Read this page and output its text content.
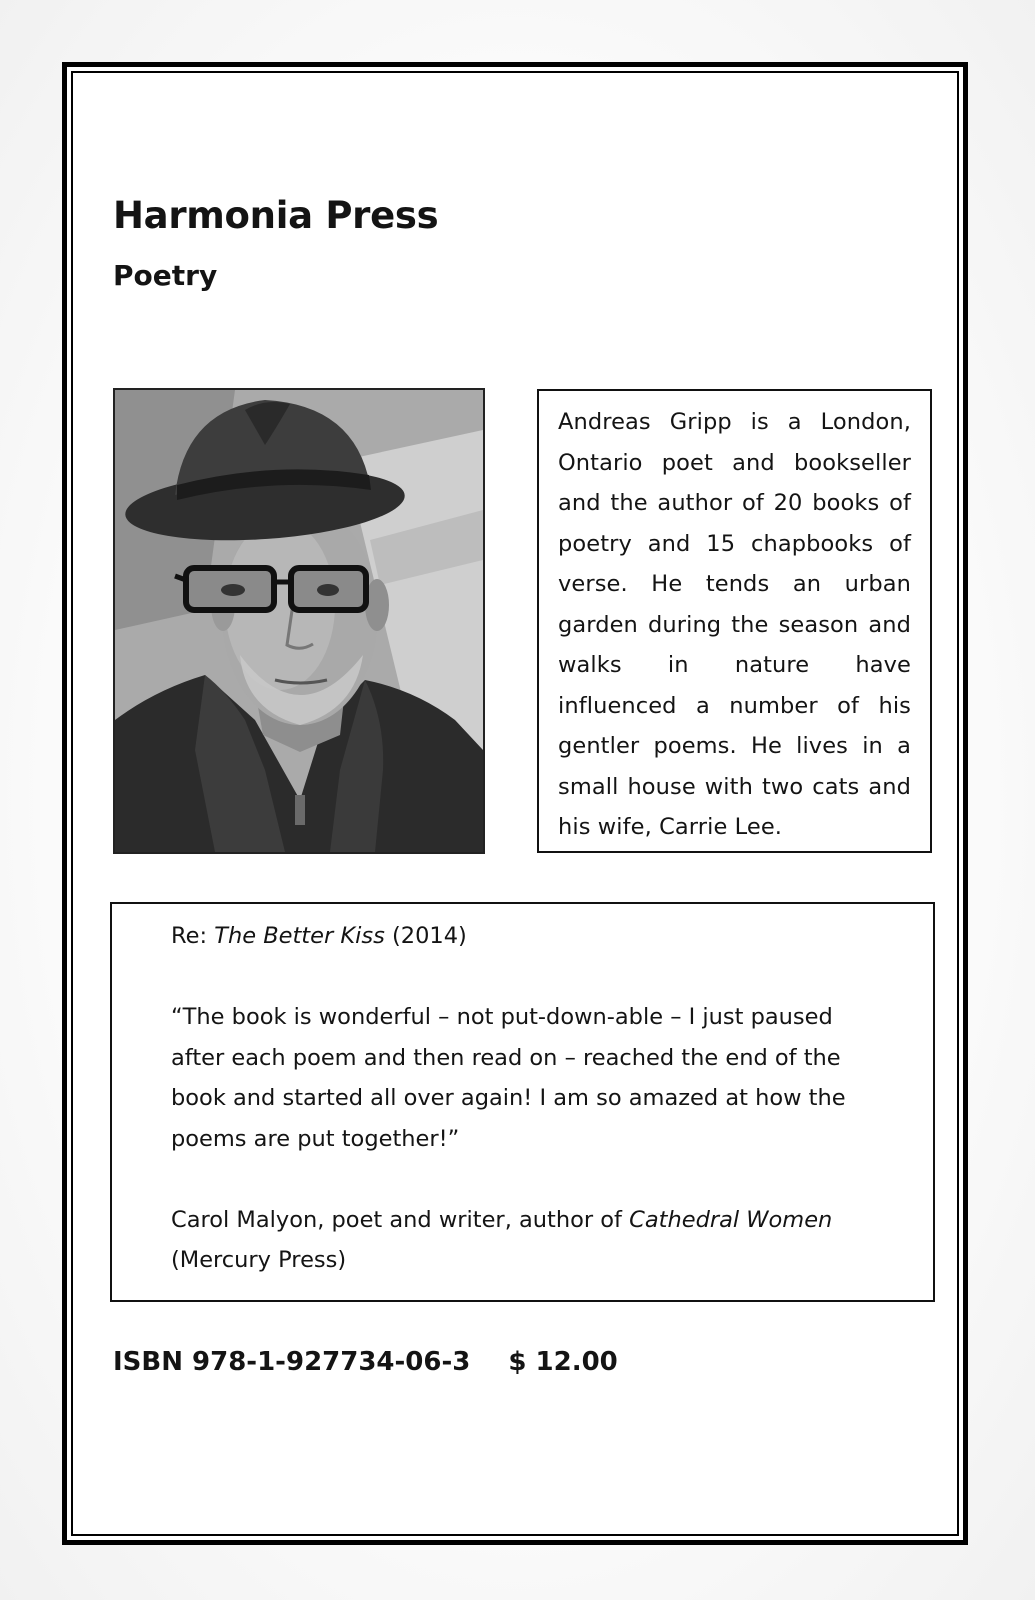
Harmonia Press
Poetry

Andreas Gripp is a London, Ontario poet and bookseller and the author of 20 books of poetry and 15 chapbooks of verse. He tends an urban garden during the season and walks in nature have influenced a number of his gentler poems. He lives in a small house with two cats and his wife, Carrie Lee.

Re: The Better Kiss (2014)

“The book is wonderful – not put-down-able – I just paused after each poem and then read on – reached the end of the book and started all over again! I am so amazed at how the poems are put together!”

Carol Malyon, poet and writer, author of Cathedral Women
(Mercury Press)

ISBN 978-1-927734-06-3 $ 12.00
